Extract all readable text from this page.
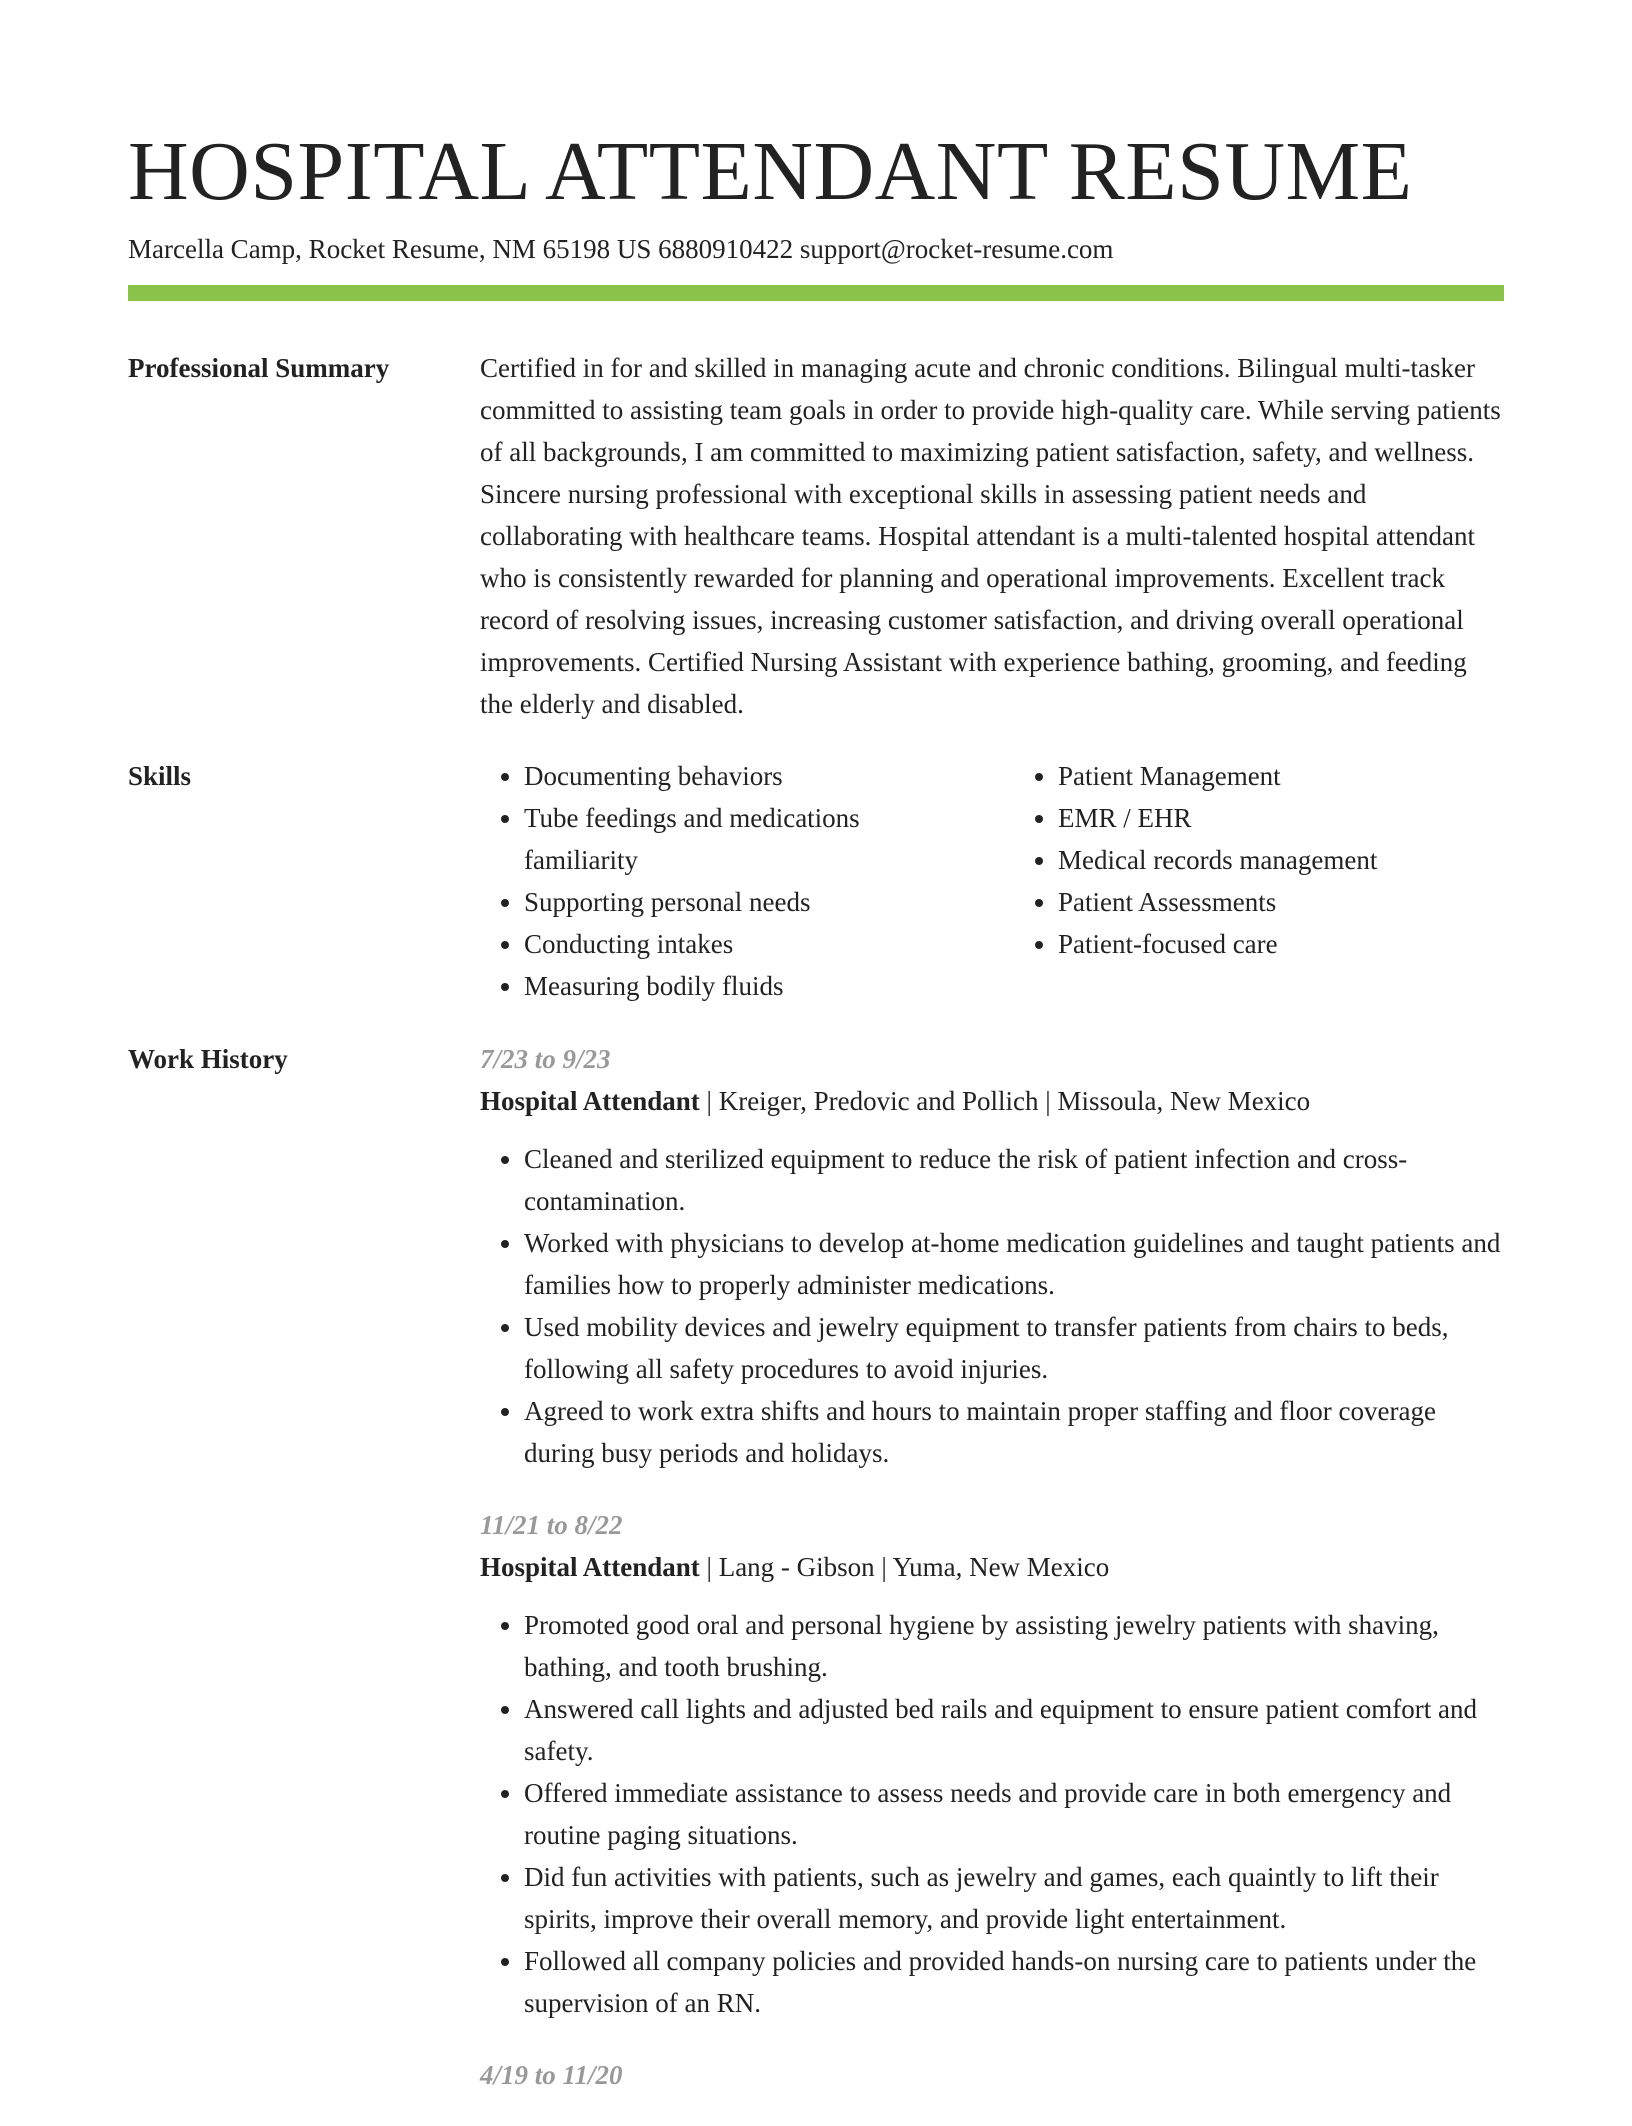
HOSPITAL ATTENDANT RESUME
Marcella Camp, Rocket Resume, NM 65198 US 6880910422 support@rocket-resume.com
Professional Summary	Certified in for and skilled in managing acute and chronic conditions. Bilingual multi-tasker committed to assisting team goals in order to provide high-quality care. While serving patients of all backgrounds, I am committed to maximizing patient satisfaction, safety, and wellness. Sincere nursing professional with exceptional skills in assessing patient needs and collaborating with healthcare teams. Hospital attendant is a multi-talented hospital attendant who is consistently rewarded for planning and operational improvements. Excellent track record of resolving issues, increasing customer satisfaction, and driving overall operational improvements. Certified Nursing Assistant with experience bathing, grooming, and feeding the elderly and disabled.

Skills
•	Documenting behaviors
• Tube feedings and medications familiarity
• Supporting personal needs
• Conducting intakes
• Measuring bodily fluids
• Patient Management
• EMR / EHR
• Medical records management
• Patient Assessments
• Patient-focused care
Work History	7/23 to 9/23
Hospital Attendant | Kreiger, Predovic and Pollich | Missoula, New Mexico
• Cleaned and sterilized equipment to reduce the risk of patient infection and cross-contamination.
• Worked with physicians to develop at-home medication guidelines and taught patients and families how to properly administer medications.
• Used mobility devices and jewelry equipment to transfer patients from chairs to beds, following all safety procedures to avoid injuries.
• Agreed to work extra shifts and hours to maintain proper staffing and floor coverage during busy periods and holidays.
11/21 to 8/22
Hospital Attendant | Lang - Gibson | Yuma, New Mexico
• Promoted good oral and personal hygiene by assisting jewelry patients with shaving, bathing, and tooth brushing.
• Answered call lights and adjusted bed rails and equipment to ensure patient comfort and safety.
• Offered immediate assistance to assess needs and provide care in both emergency and routine paging situations.
• Did fun activities with patients, such as jewelry and games, each quaintly to lift their spirits, improve their overall memory, and provide light entertainment.
• Followed all company policies and provided hands-on nursing care to patients under the supervision of an RN.
4/19 to 11/20
